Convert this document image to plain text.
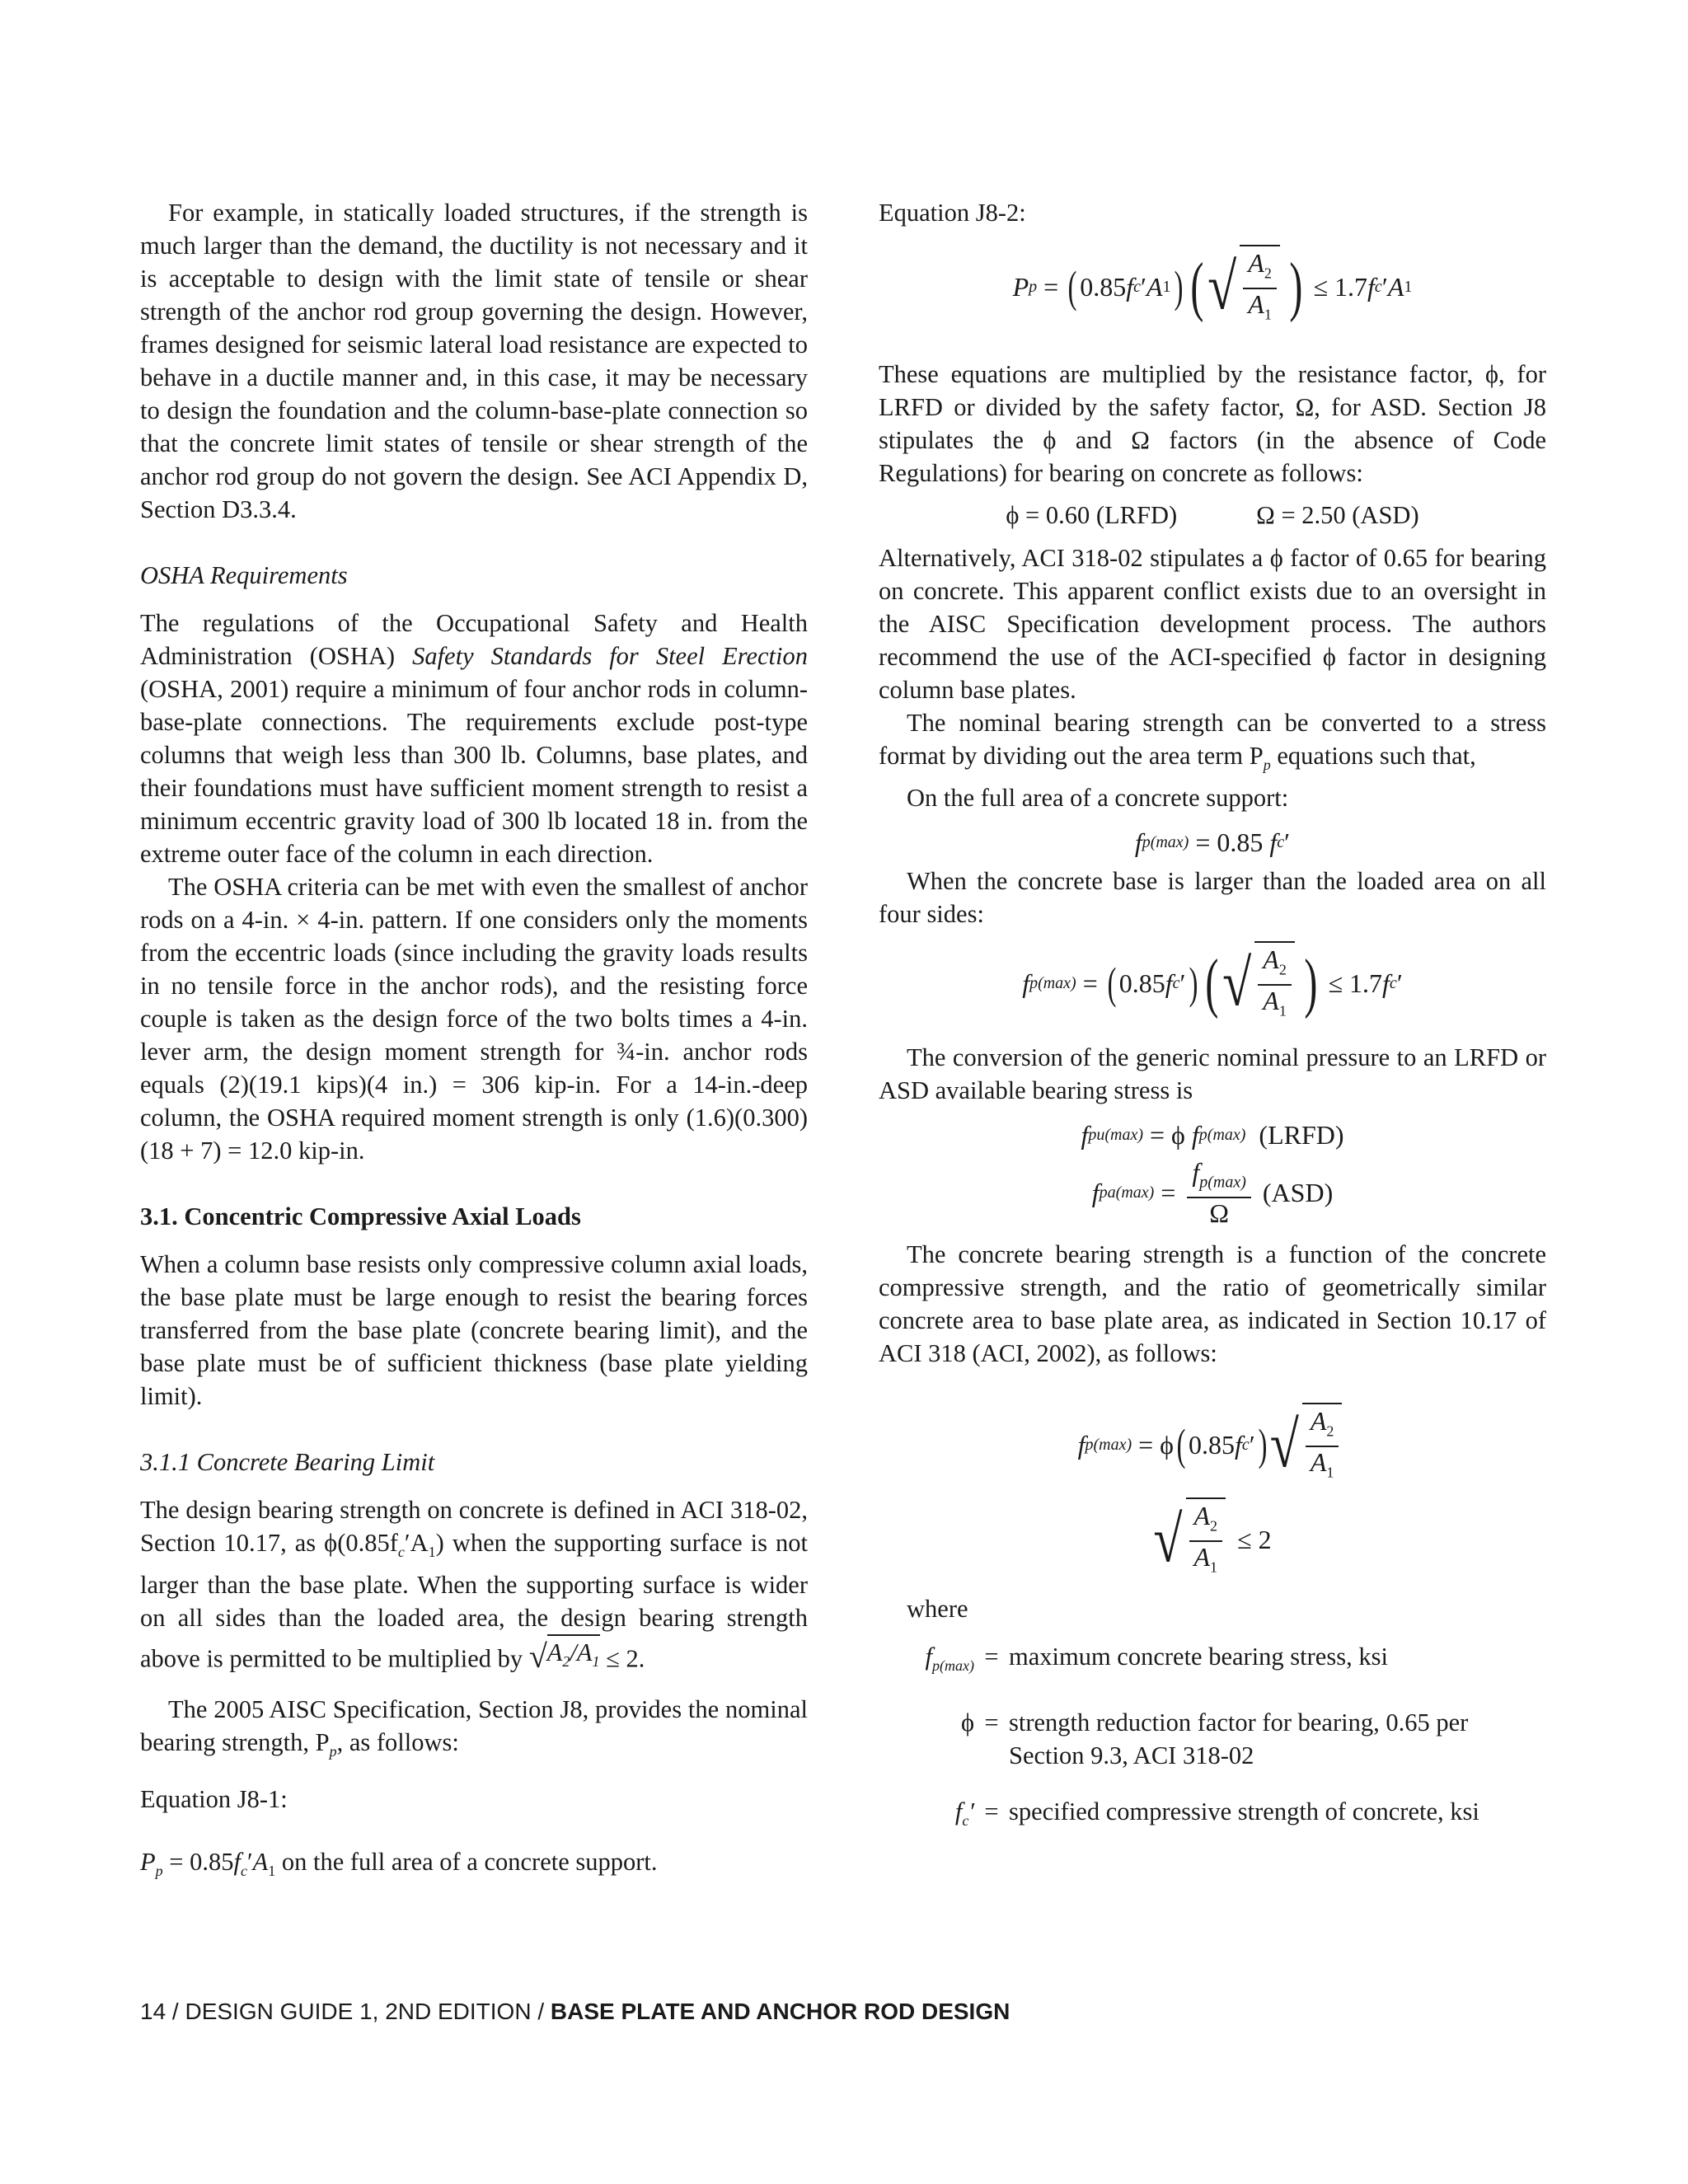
For example, in statically loaded structures, if the strength is much larger than the demand, the ductility is not necessary and it is acceptable to design with the limit state of tensile or shear strength of the anchor rod group governing the design. However, frames designed for seismic lateral load resistance are expected to behave in a ductile manner and, in this case, it may be necessary to design the foundation and the column-base-plate connection so that the concrete limit states of tensile or shear strength of the anchor rod group do not govern the design. See ACI Appendix D, Section D3.3.4.

OSHA Requirements

The regulations of the Occupational Safety and Health Administration (OSHA) Safety Standards for Steel Erection (OSHA, 2001) require a minimum of four anchor rods in column-base-plate connections. The requirements exclude post-type columns that weigh less than 300 lb. Columns, base plates, and their foundations must have sufficient moment strength to resist a minimum eccentric gravity load of 300 lb located 18 in. from the extreme outer face of the column in each direction.

The OSHA criteria can be met with even the smallest of anchor rods on a 4-in. × 4-in. pattern. If one considers only the moments from the eccentric loads (since including the gravity loads results in no tensile force in the anchor rods), and the resisting force couple is taken as the design force of the two bolts times a 4-in. lever arm, the design moment strength for ¾-in. anchor rods equals (2)(19.1 kips)(4 in.) = 306 kip-in. For a 14-in.-deep column, the OSHA required moment strength is only (1.6)(0.300)(18 + 7) = 12.0 kip-in.

3.1. Concentric Compressive Axial Loads

When a column base resists only compressive column axial loads, the base plate must be large enough to resist the bearing forces transferred from the base plate (concrete bearing limit), and the base plate must be of sufficient thickness (base plate yielding limit).

3.1.1 Concrete Bearing Limit

The design bearing strength on concrete is defined in ACI 318-02, Section 10.17, as $\phi(0.85f_c'A_1)$ when the supporting surface is not larger than the base plate. When the supporting surface is wider on all sides than the loaded area, the design bearing strength above is permitted to be multiplied by √ $A_2/A_1 \le 2$.

The 2005 AISC Specification, Section J8, provides the nominal bearing strength, $P_p$, as follows:

Equation J8-1:

$P_p = 0.85f_c'A_1$ on the full area of a concrete support.

Equation J8-2:

P p = ( 0.85 f c ′ A 1 ) ( √ $\frac{A_2}{A_1}$ ) ≤ 1.7 f c ′ A 1

These equations are multiplied by the resistance factor, ϕ, for LRFD or divided by the safety factor, Ω, for ASD. Section J8 stipulates the ϕ and Ω factors (in the absence of Code Regulations) for bearing on concrete as follows:

ϕ = 0.60 (LRFD)	Ω = 2.50 (ASD)

Alternatively, ACI 318-02 stipulates a ϕ factor of 0.65 for bearing on concrete. This apparent conflict exists due to an oversight in the AISC Specification development process. The authors recommend the use of the ACI-specified ϕ factor in designing column base plates.

The nominal bearing strength can be converted to a stress format by dividing out the area term $P_p$ equations such that,

On the full area of a concrete support:

f p(max) = 0.85 f c ′

When the concrete base is larger than the loaded area on all four sides:

f p(max) = ( 0.85 f c ′ ) ( √ $\frac{A_2}{A_1}$ ) ≤ 1.7 f c ′

The conversion of the generic nominal pressure to an LRFD or ASD available bearing stress is

f pu(max) = ϕ f p(max)
(LRFD)
f $pa(\max) = \frac{f_{p(max)}}{\Omega}$
(ASD)

The concrete bearing strength is a function of the concrete compressive strength, and the ratio of geometrically similar concrete area to base plate area, as indicated in Section 10.17 of ACI 318 (ACI, 2002), as follows:

f p(max) = ϕ ( 0.85 f c ′ ) √ $\frac{A_2}{A_1}$
√ $\frac{A_2}{A_1} \le 2$

where

$f_{p(max)}$ = maximum concrete bearing stress, ksi
ϕ = strength reduction factor for bearing, 0.65 per Section 9.3, ACI 318-02
$f_c'$ = specified compressive strength of concrete, ksi
14 / DESIGN GUIDE 1, 2ND EDITION / BASE PLATE AND ANCHOR ROD DESIGN
